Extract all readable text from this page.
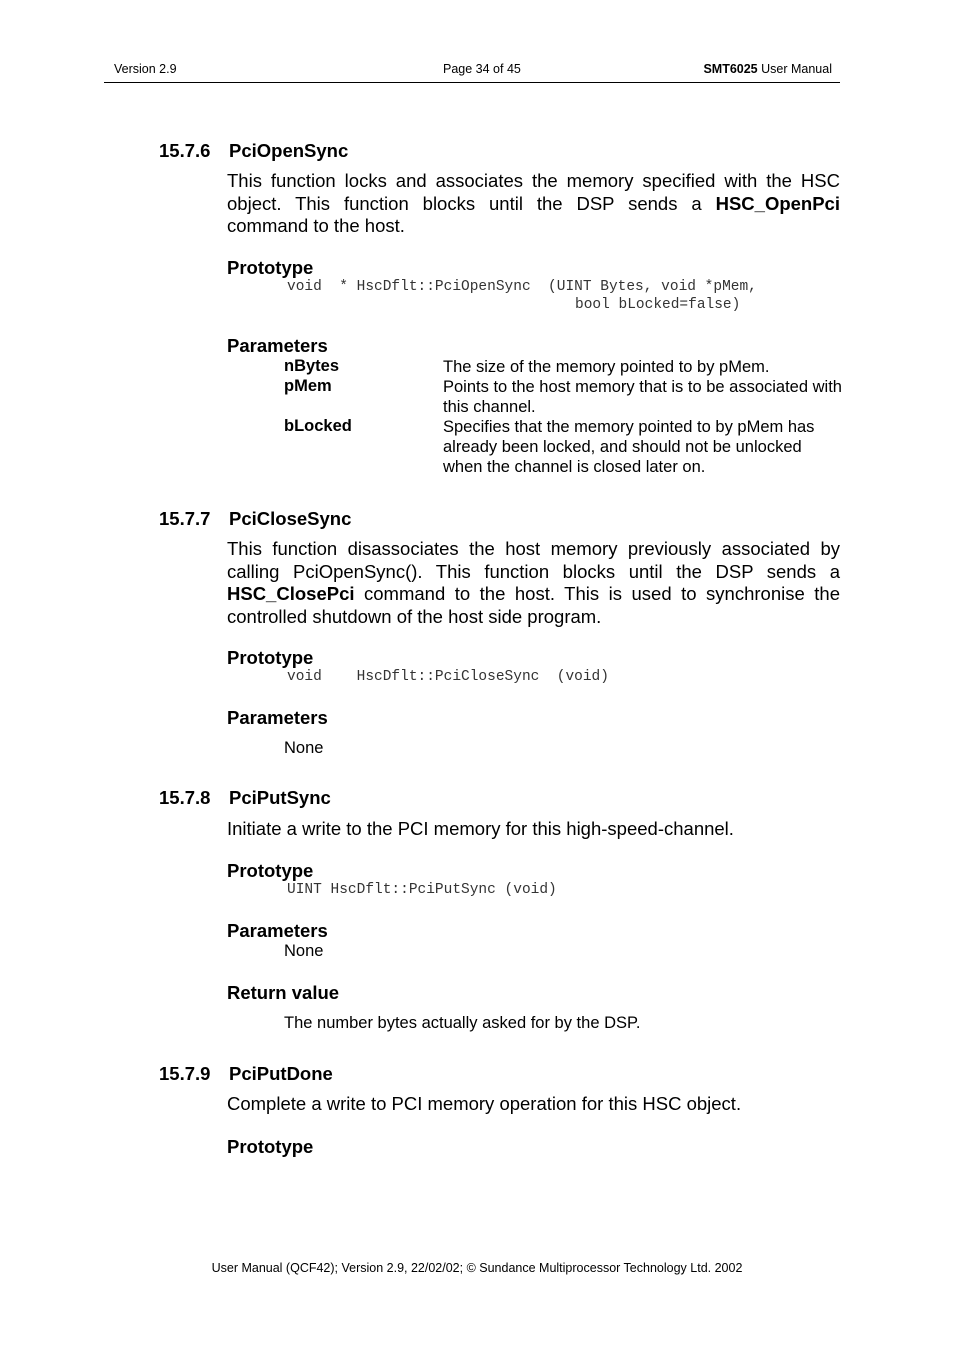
Version 2.9	Page 34 of 45	SMT6025 User Manual
15.7.6 PciOpenSync
This function locks and associates the memory specified with the HSC object. This function blocks until the DSP sends a HSC_OpenPci command to the host.
Prototype
void  * HscDflt::PciOpenSync  (UINT Bytes, void *pMem,
bool bLocked=false)
Parameters
nBytes	The size of the memory pointed to by pMem.
pMem	Points to the host memory that is to be associated with this channel.
bLocked	Specifies that the memory pointed to by pMem has already been locked, and should not be unlocked when the channel is closed later on.
15.7.7 PciCloseSync
This function disassociates the host memory previously associated by calling PciOpenSync(). This function blocks until the DSP sends a HSC_ClosePci command to the host. This is used to synchronise the controlled shutdown of the host side program.
Prototype
void    HscDflt::PciCloseSync  (void)
Parameters
None
15.7.8 PciPutSync
Initiate a write to the PCI memory for this high-speed-channel.
Prototype
UINT HscDflt::PciPutSync (void)
Parameters
None
Return value
The number bytes actually asked for by the DSP.
15.7.9 PciPutDone
Complete a write to PCI memory operation for this HSC object.
Prototype
User Manual (QCF42); Version 2.9, 22/02/02; © Sundance Multiprocessor Technology Ltd. 2002
